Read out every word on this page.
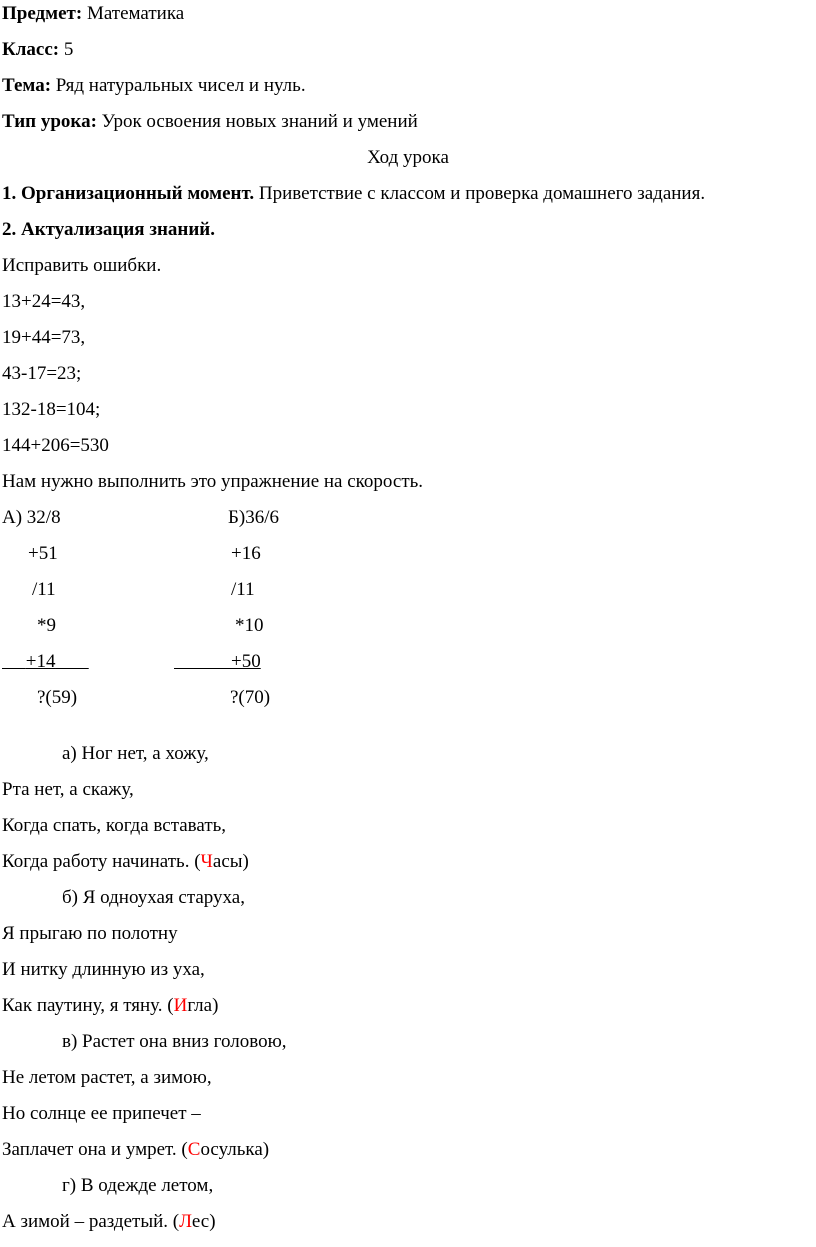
Предмет: Математика
Класс: 5
Тема: Ряд натуральных чисел и нуль.
Тип урока: Урок освоения новых знаний и умений
Ход урока
1. Организационный момент. Приветствие с классом и проверка домашнего задания.
2. Актуализация знаний.
Исправить ошибки.
13+24=43,
19+44=73,
43-17=23;
132-18=104;
144+206=530
Нам нужно выполнить это упражнение на скорость.
А) 32/8
+51
/11
*9
+14
?(59)
Б)36/6
+16
/11
*10
+50
?(70)
а) Ног нет, а хожу,
Рта нет, а скажу,
Когда спать, когда вставать,
Когда работу начинать. (Часы)
б) Я одноухая старуха,
Я прыгаю по полотну
И нитку длинную из уха,
Как паутину, я тяну. (Игла)
в) Растет она вниз головою,
Не летом растет, а зимою,
Но солнце ее припечет –
Заплачет она и умрет. (Сосулька)
г) В одежде летом,
А зимой – раздетый. (Лес)
